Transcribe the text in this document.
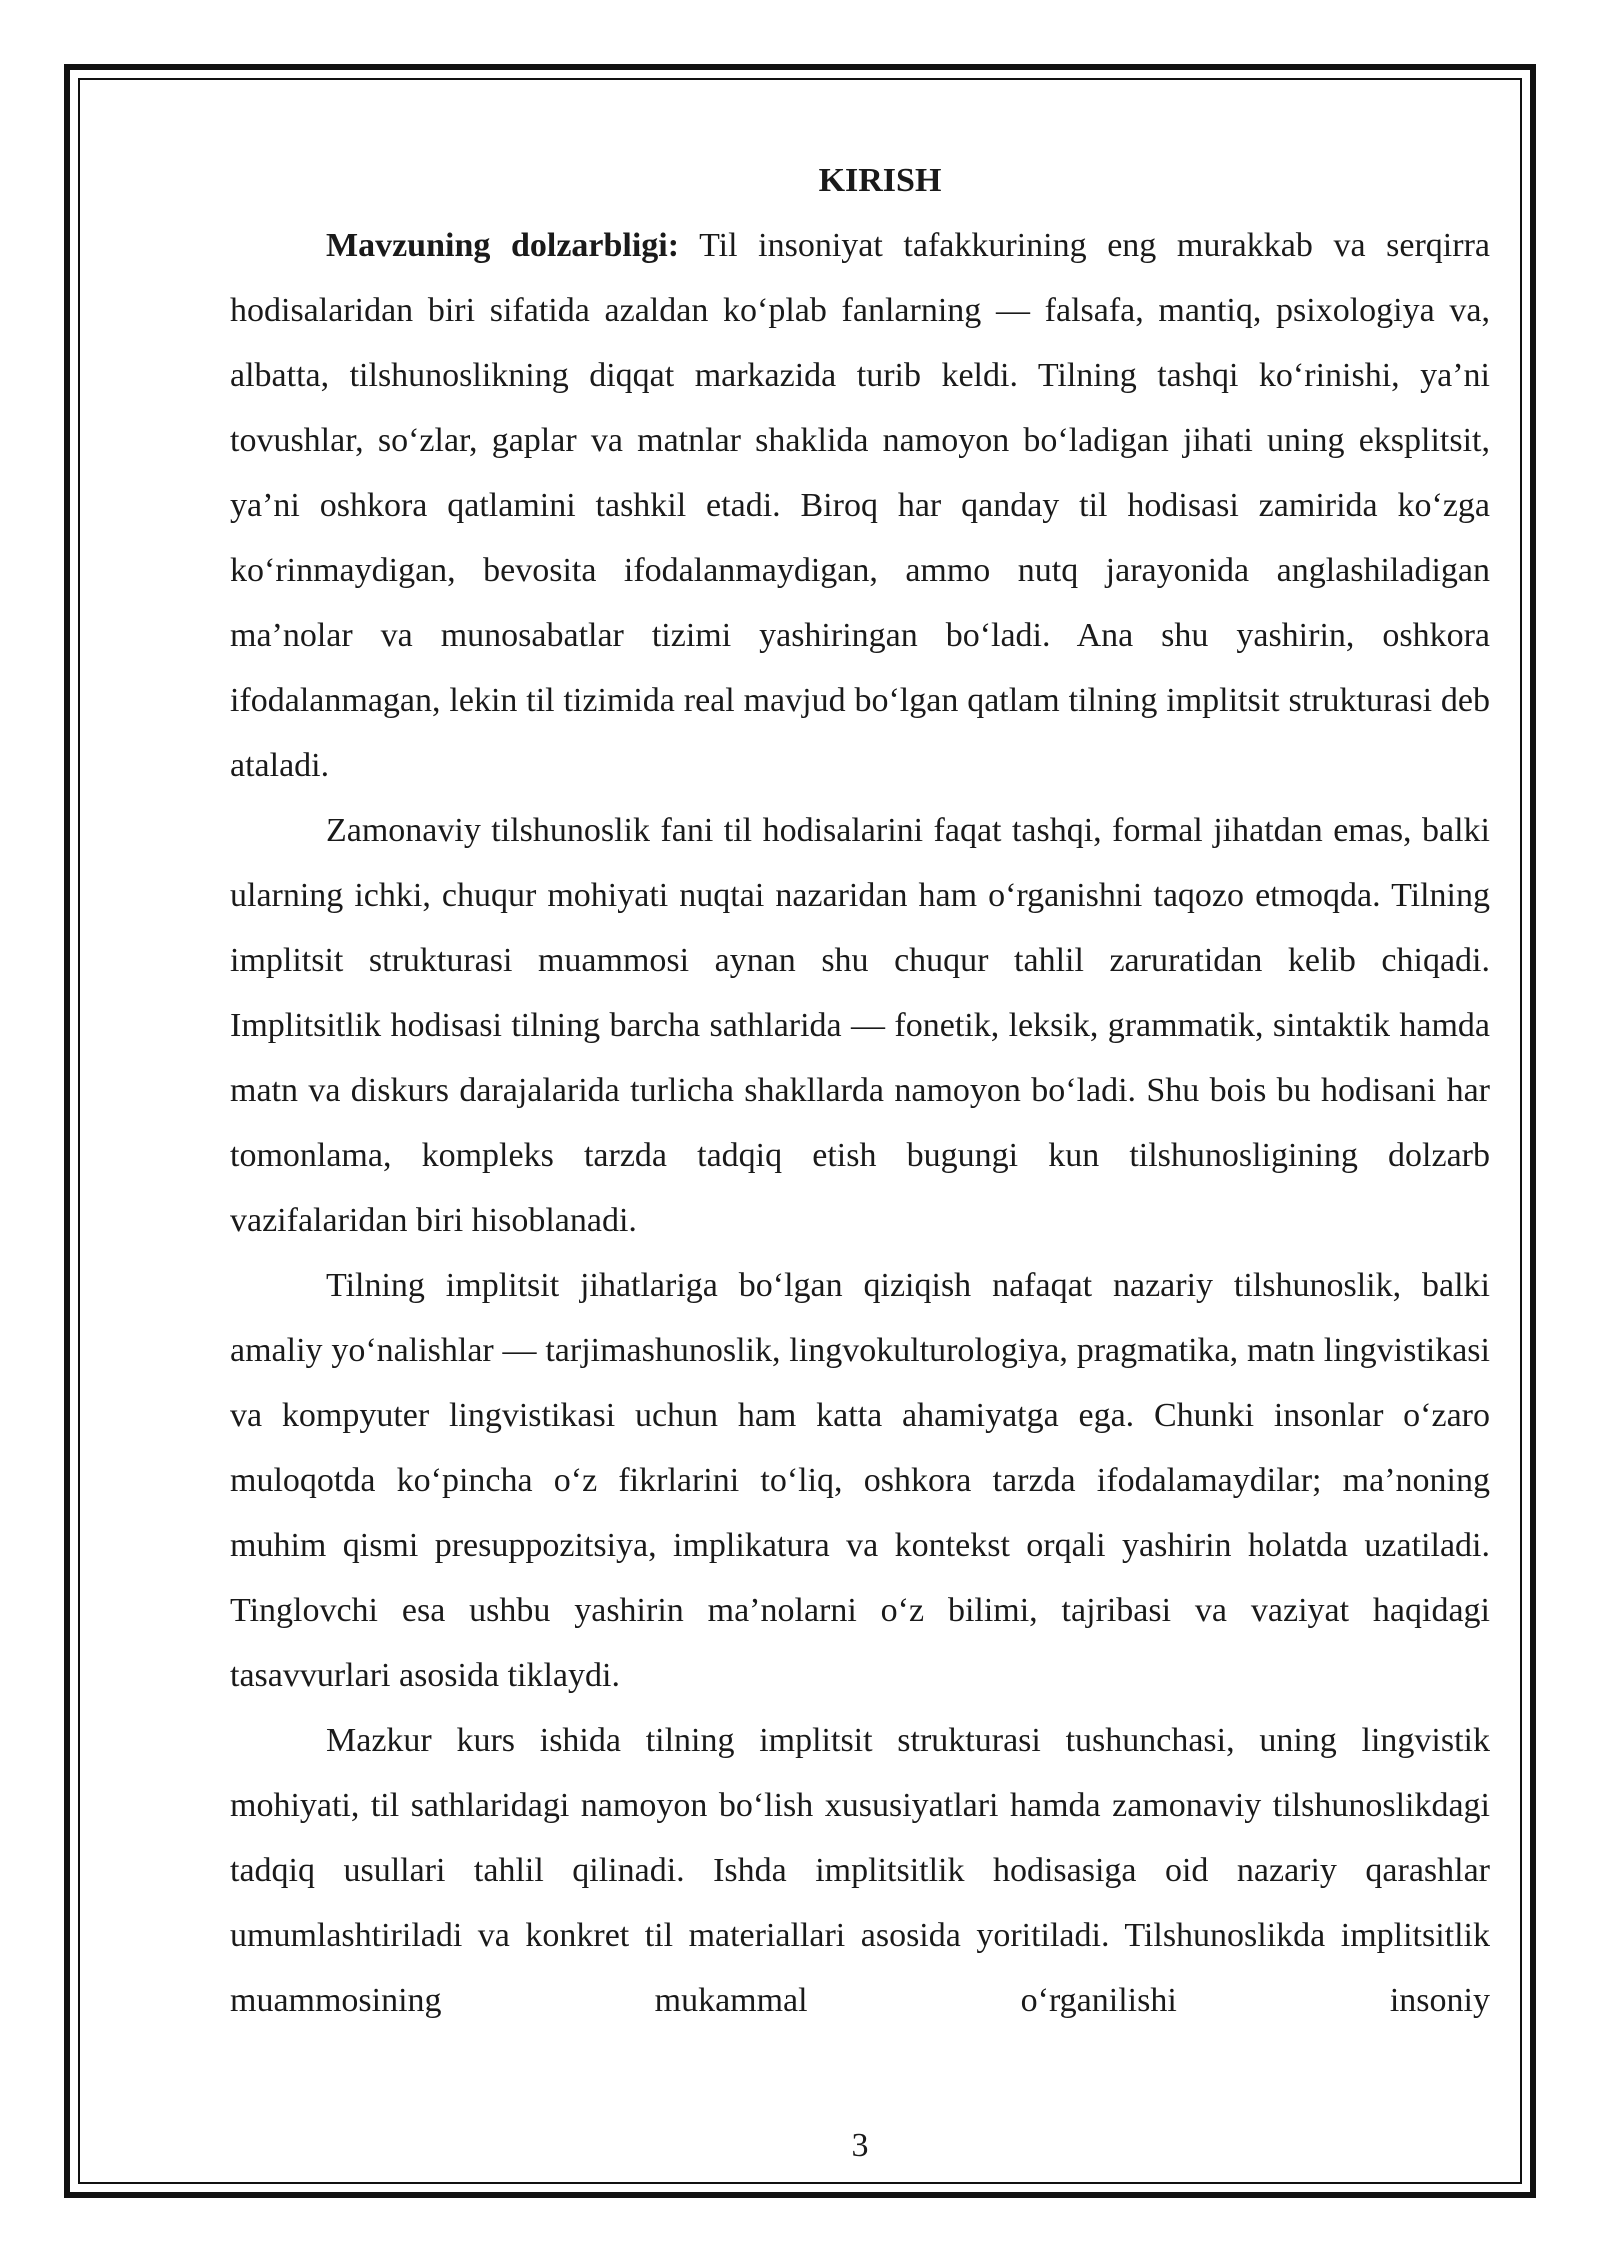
KIRISH

Mavzuning dolzarbligi: Til insoniyat tafakkurining eng murakkab va serqirra hodisalaridan biri sifatida azaldan ko‘plab fanlarning — falsafa, mantiq, psixologiya va, albatta, tilshunoslikning diqqat markazida turib keldi. Tilning tashqi ko‘rinishi, ya’ni tovushlar, so‘zlar, gaplar va matnlar shaklida namoyon bo‘ladigan jihati uning eksplitsit, ya’ni oshkora qatlamini tashkil etadi. Biroq har qanday til hodisasi zamirida ko‘zga ko‘rinmaydigan, bevosita ifodalanmaydigan, ammo nutq jarayonida anglashiladigan ma’nolar va munosabatlar tizimi yashiringan bo‘ladi. Ana shu yashirin, oshkora ifodalanmagan, lekin til tizimida real mavjud bo‘lgan qatlam tilning implitsit strukturasi deb ataladi.

Zamonaviy tilshunoslik fani til hodisalarini faqat tashqi, formal jihatdan emas, balki ularning ichki, chuqur mohiyati nuqtai nazaridan ham o‘rganishni taqozo etmoqda. Tilning implitsit strukturasi muammosi aynan shu chuqur tahlil zaruratidan kelib chiqadi. Implitsitlik hodisasi tilning barcha sathlarida — fonetik, leksik, grammatik, sintaktik hamda matn va diskurs darajalarida turlicha shakllarda namoyon bo‘ladi. Shu bois bu hodisani har tomonlama, kompleks tarzda tadqiq etish bugungi kun tilshunosligining dolzarb vazifalaridan biri hisoblanadi.

Tilning implitsit jihatlariga bo‘lgan qiziqish nafaqat nazariy tilshunoslik, balki amaliy yo‘nalishlar — tarjimashunoslik, lingvokulturologiya, pragmatika, matn lingvistikasi va kompyuter lingvistikasi uchun ham katta ahamiyatga ega. Chunki insonlar o‘zaro muloqotda ko‘pincha o‘z fikrlarini to‘liq, oshkora tarzda ifodalamaydilar; ma’noning muhim qismi presuppozitsiya, implikatura va kontekst orqali yashirin holatda uzatiladi. Tinglovchi esa ushbu yashirin ma’nolarni o‘z bilimi, tajribasi va vaziyat haqidagi tasavvurlari asosida tiklaydi.

Mazkur kurs ishida tilning implitsit strukturasi tushunchasi, uning lingvistik mohiyati, til sathlaridagi namoyon bo‘lish xususiyatlari hamda zamonaviy tilshunoslikdagi tadqiq usullari tahlil qilinadi. Ishda implitsitlik hodisasiga oid nazariy qarashlar umumlashtiriladi va konkret til materiallari asosida yoritiladi. Tilshunoslikda implitsitlik muammosining mukammal o‘rganilishi insoniy

3
